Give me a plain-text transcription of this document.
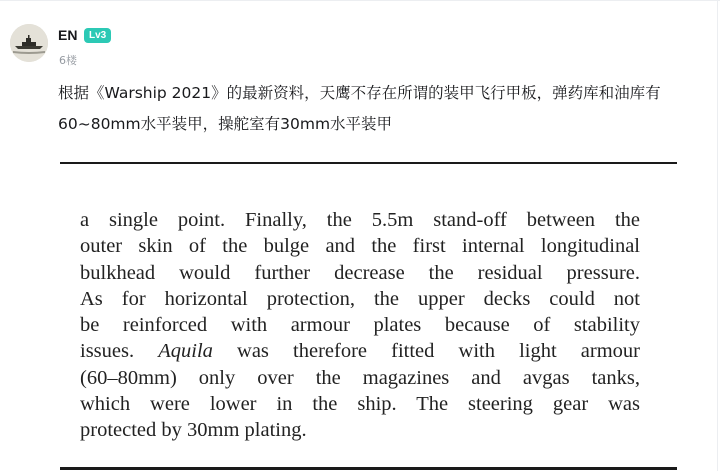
EN	Lv3
6楼
根据《Warship 2021》的最新资料，天鹰不存在所谓的装甲飞行甲板，弹药库和油库有60~80mm水平装甲，操舵室有30mm水平装甲
a single point. Finally, the 5.5m stand-off between the
outer skin of the bulge and the first internal longitudinal
bulkhead would further decrease the residual pressure.
As for horizontal protection, the upper decks could not
be reinforced with armour plates because of stability
issues. Aquila was therefore fitted with light armour
(60–80mm) only over the magazines and avgas tanks,
which were lower in the ship. The steering gear was
protected by 30mm plating.
